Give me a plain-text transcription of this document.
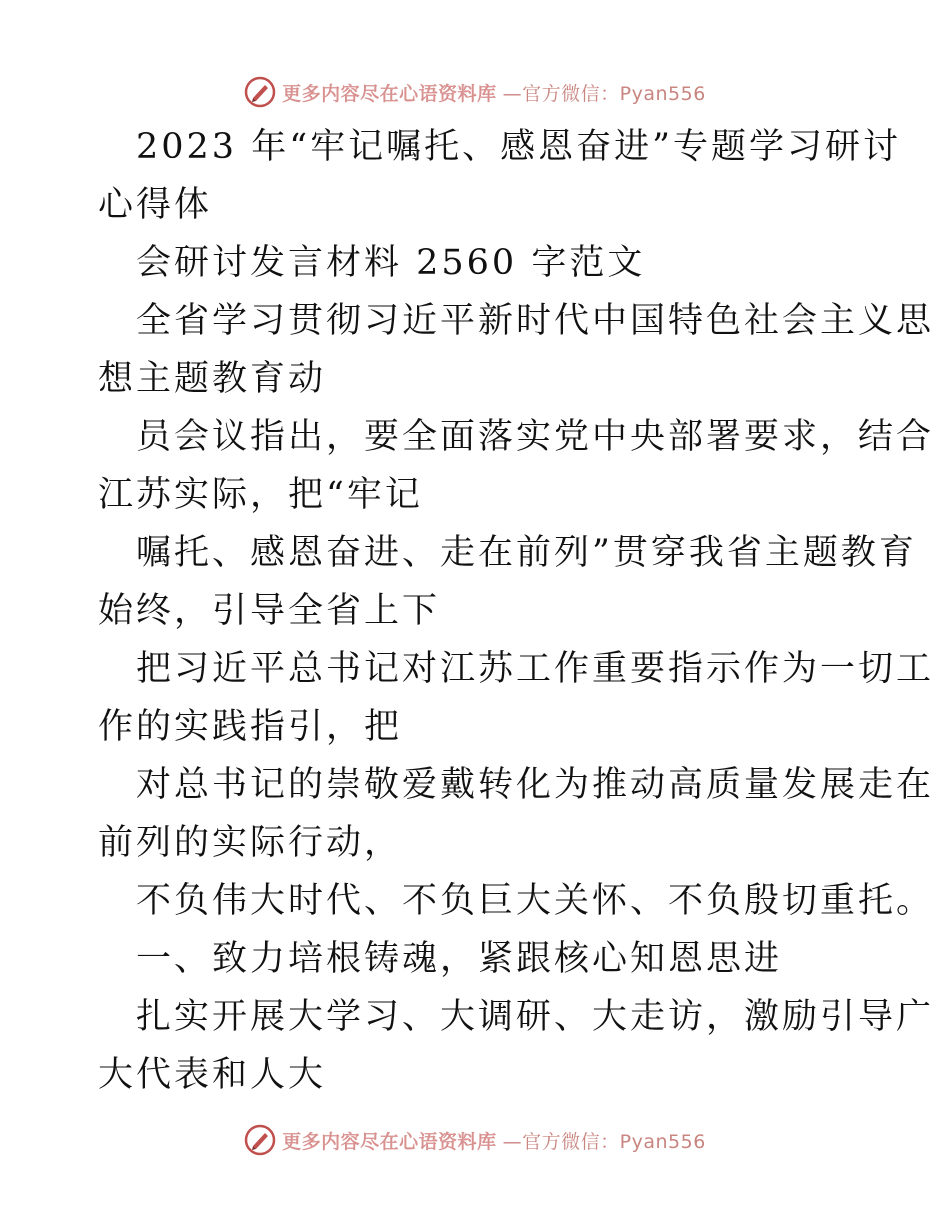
更多内容尽在心语资料库 —官方微信：Pyan556
2023 年“牢记嘱托、感恩奋进”专题学习研讨
心得体
会研讨发言材料 2560 字范文
全省学习贯彻习近平新时代中国特色社会主义思
想主题教育动
员会议指出，要全面落实党中央部署要求，结合
江苏实际，把“牢记
嘱托、感恩奋进、走在前列”贯穿我省主题教育
始终，引导全省上下
把习近平总书记对江苏工作重要指示作为一切工
作的实践指引，把
对总书记的崇敬爱戴转化为推动高质量发展走在
前列的实际行动，
不负伟大时代、不负巨大关怀、不负殷切重托。
一、致力培根铸魂，紧跟核心知恩思进
扎实开展大学习、大调研、大走访，激励引导广
大代表和人大
更多内容尽在心语资料库 —官方微信：Pyan556
